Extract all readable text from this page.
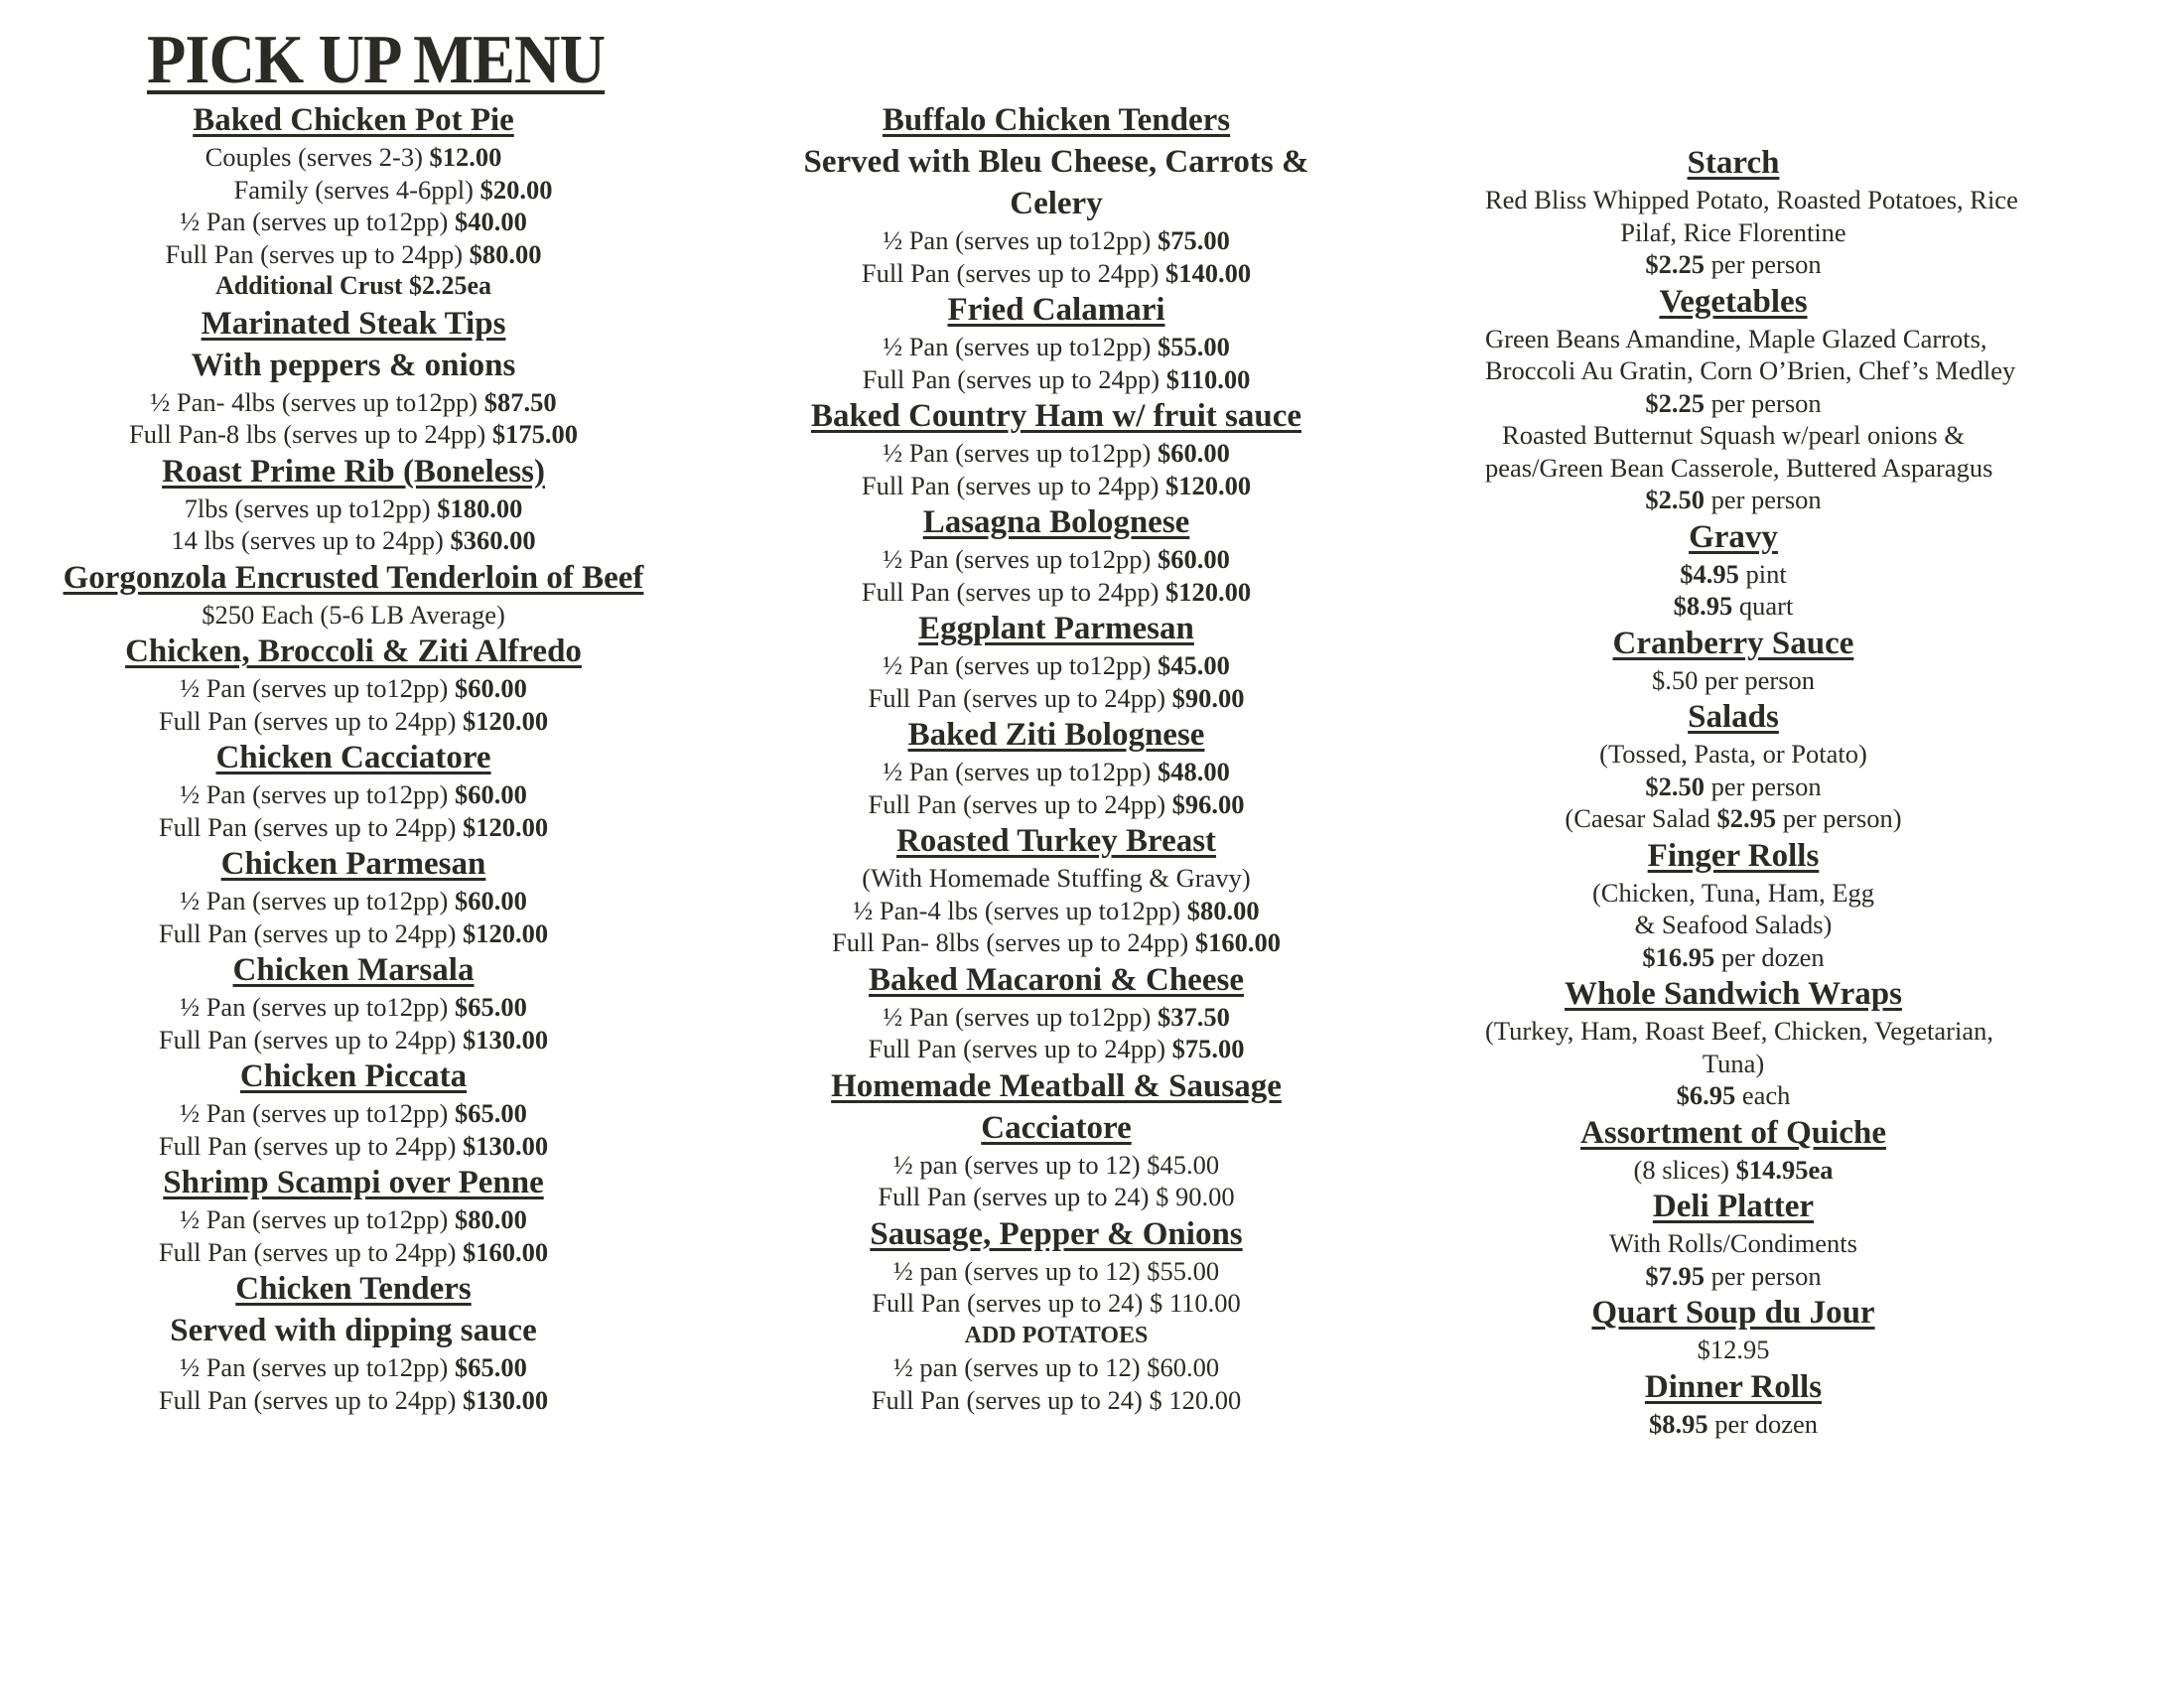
PICK UP MENU
Baked Chicken Pot Pie
Couples (serves 2-3) $12.00
Family (serves 4-6ppl) $20.00
½ Pan (serves up to12pp) $40.00
Full Pan (serves up to 24pp) $80.00
Additional Crust $2.25ea
Marinated Steak Tips
With peppers & onions
½ Pan- 4lbs (serves up to12pp) $87.50
Full Pan-8 lbs (serves up to 24pp) $175.00
Roast Prime Rib (Boneless)
7lbs (serves up to12pp) $180.00
14 lbs (serves up to 24pp) $360.00
Gorgonzola Encrusted Tenderloin of Beef
$250 Each (5-6 LB Average)
Chicken, Broccoli & Ziti Alfredo
½ Pan (serves up to12pp) $60.00
Full Pan (serves up to 24pp) $120.00
Chicken Cacciatore
½ Pan (serves up to12pp) $60.00
Full Pan (serves up to 24pp) $120.00
Chicken Parmesan
½ Pan (serves up to12pp) $60.00
Full Pan (serves up to 24pp) $120.00
Chicken Marsala
½ Pan (serves up to12pp) $65.00
Full Pan (serves up to 24pp) $130.00
Chicken Piccata
½ Pan (serves up to12pp) $65.00
Full Pan (serves up to 24pp) $130.00
Shrimp Scampi over Penne
½ Pan (serves up to12pp) $80.00
Full Pan (serves up to 24pp) $160.00
Chicken Tenders
Served with dipping sauce
½ Pan (serves up to12pp) $65.00
Full Pan (serves up to 24pp) $130.00
Buffalo Chicken Tenders
Served with Bleu Cheese, Carrots & Celery
½ Pan (serves up to12pp) $75.00
Full Pan (serves up to 24pp) $140.00
Fried Calamari
½ Pan (serves up to12pp) $55.00
Full Pan (serves up to 24pp) $110.00
Baked Country Ham w/ fruit sauce
½ Pan (serves up to12pp) $60.00
Full Pan (serves up to 24pp) $120.00
Lasagna Bolognese
½ Pan (serves up to12pp) $60.00
Full Pan (serves up to 24pp) $120.00
Eggplant Parmesan
½ Pan (serves up to12pp) $45.00
Full Pan (serves up to 24pp) $90.00
Baked Ziti Bolognese
½ Pan (serves up to12pp) $48.00
Full Pan (serves up to 24pp) $96.00
Roasted Turkey Breast
(With Homemade Stuffing & Gravy)
½ Pan-4 lbs (serves up to12pp) $80.00
Full Pan- 8lbs (serves up to 24pp) $160.00
Baked Macaroni & Cheese
½ Pan (serves up to12pp) $37.50
Full Pan (serves up to 24pp) $75.00
Homemade Meatball & Sausage Cacciatore
½ pan (serves up to 12) $45.00
Full Pan (serves up to 24) $ 90.00
Sausage, Pepper & Onions
½ pan (serves up to 12) $55.00
Full Pan (serves up to 24) $ 110.00
ADD POTATOES
½ pan (serves up to 12) $60.00
Full Pan (serves up to 24) $ 120.00
Starch
Red Bliss Whipped Potato, Roasted Potatoes, Rice
Pilaf, Rice Florentine
$2.25 per person
Vegetables
Green Beans Amandine, Maple Glazed Carrots,
Broccoli Au Gratin, Corn O’Brien, Chef’s Medley
$2.25 per person
Roasted Butternut Squash w/pearl onions &
peas/Green Bean Casserole, Buttered Asparagus
$2.50 per person
Gravy
$4.95 pint
$8.95 quart
Cranberry Sauce
$.50 per person
Salads
(Tossed, Pasta, or Potato)
$2.50 per person
(Caesar Salad $2.95 per person)
Finger Rolls
(Chicken, Tuna, Ham, Egg
& Seafood Salads)
$16.95 per dozen
Whole Sandwich Wraps
(Turkey, Ham, Roast Beef, Chicken, Vegetarian,
Tuna)
$6.95 each
Assortment of Quiche
(8 slices) $14.95ea
Deli Platter
With Rolls/Condiments
$7.95 per person
Quart Soup du Jour
$12.95
Dinner Rolls
$8.95 per dozen
